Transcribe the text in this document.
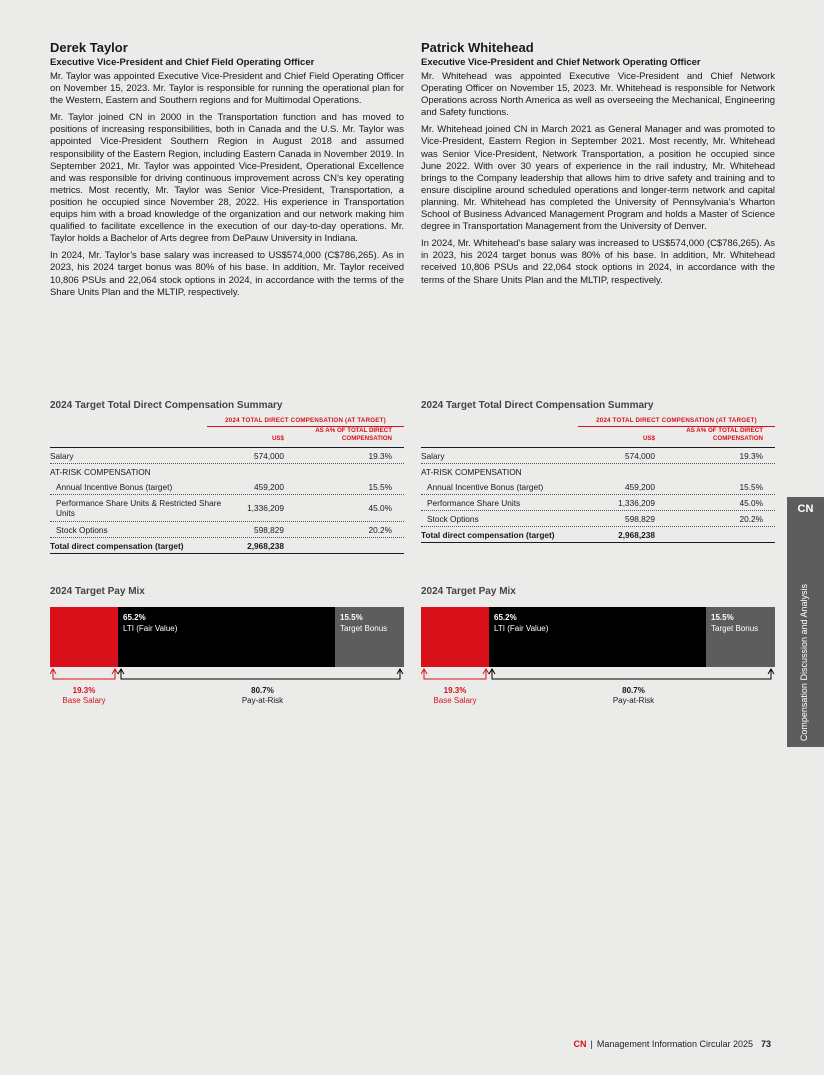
Derek Taylor
Executive Vice-President and Chief Field Operating Officer

Mr. Taylor was appointed Executive Vice-President and Chief Field Operating Officer on November 15, 2023. Mr. Taylor is responsible for running the operational plan for the Western, Eastern and Southern regions and for Multimodal Operations.

Mr. Taylor joined CN in 2000 in the Transportation function and has moved to positions of increasing responsibilities, both in Canada and the U.S. Mr. Taylor was appointed Vice-President Southern Region in August 2018 and assumed responsibility of the Eastern Region, including Eastern Canada in November 2019. In September 2021, Mr. Taylor was appointed Vice-President, Operational Excellence and was responsible for driving continuous improvement across CN’s key operating metrics. Most recently, Mr. Taylor was Senior Vice-President, Transportation, a position he occupied since November 28, 2022. His experience in Transportation equips him with a broad knowledge of the organization and our network making him qualified to facilitate excellence in the execution of our day-to-day operations. Mr. Taylor holds a Bachelor of Arts degree from DePauw University in Indiana.

In 2024, Mr. Taylor’s base salary was increased to US$574,000 (C$786,265). As in 2023, his 2024 target bonus was 80% of his base. In addition, Mr. Taylor received 10,806 PSUs and 22,064 stock options in 2024, in accordance with the terms of the Share Units Plan and the MLTIP, respectively.

Patrick Whitehead
Executive Vice-President and Chief Network Operating Officer

Mr. Whitehead was appointed Executive Vice-President and Chief Network Operating Officer on November 15, 2023. Mr. Whitehead is responsible for Network Operations across North America as well as overseeing the Mechanical, Engineering and Safety functions.

Mr. Whitehead joined CN in March 2021 as General Manager and was promoted to Vice-President, Eastern Region in September 2021. Most recently, Mr. Whitehead was Senior Vice-President, Network Transportation, a position he occupied since June 2022. With over 30 years of experience in the rail industry, Mr. Whitehead brings to the Company leadership that allows him to drive safety and training and to ensure discipline around scheduled operations and longer-term network and capital planning. Mr. Whitehead has completed the University of Pennsylvania’s Wharton School of Business Advanced Management Program and holds a Master of Science degree in Transportation Management from the University of Denver.

In 2024, Mr. Whitehead’s base salary was increased to US$574,000 (C$786,265). As in 2023, his 2024 target bonus was 80% of his base. In addition, Mr. Whitehead received 10,806 PSUs and 22,064 stock options in 2024, in accordance with the terms of the Share Units Plan and the MLTIP, respectively.

2024 Target Total Direct Compensation Summary
2024 TOTAL DIRECT COMPENSATION (AT TARGET)
US$
AS A% OF TOTAL DIRECT COMPENSATION
Salary	574,000	19.3%
AT-RISK COMPENSATION
Annual Incentive Bonus (target)	459,200	15.5%
Performance Share Units & Restricted Share Units	1,336,209	45.0%
Stock Options	598,829	20.2%
Total direct compensation (target)	2,968,238
2024 Target Total Direct Compensation Summary
2024 TOTAL DIRECT COMPENSATION (AT TARGET)
US$
AS A% OF TOTAL DIRECT COMPENSATION
Salary	574,000	19.3%
AT-RISK COMPENSATION
Annual Incentive Bonus (target)	459,200	15.5%
Performance Share Units	1,336,209	45.0%
Stock Options	598,829	20.2%
Total direct compensation (target)	2,968,238
2024 Target Pay Mix
65.2%
LTI (Fair Value)
15.5%
Target Bonus
19.3%
Base Salary
80.7%
Pay-at-Risk
2024 Target Pay Mix
65.2%
LTI (Fair Value)
15.5%
Target Bonus
19.3%
Base Salary
80.7%
Pay-at-Risk
CN
Compensation Discussion and Analysis
CN | Management Information Circular 2025 73
